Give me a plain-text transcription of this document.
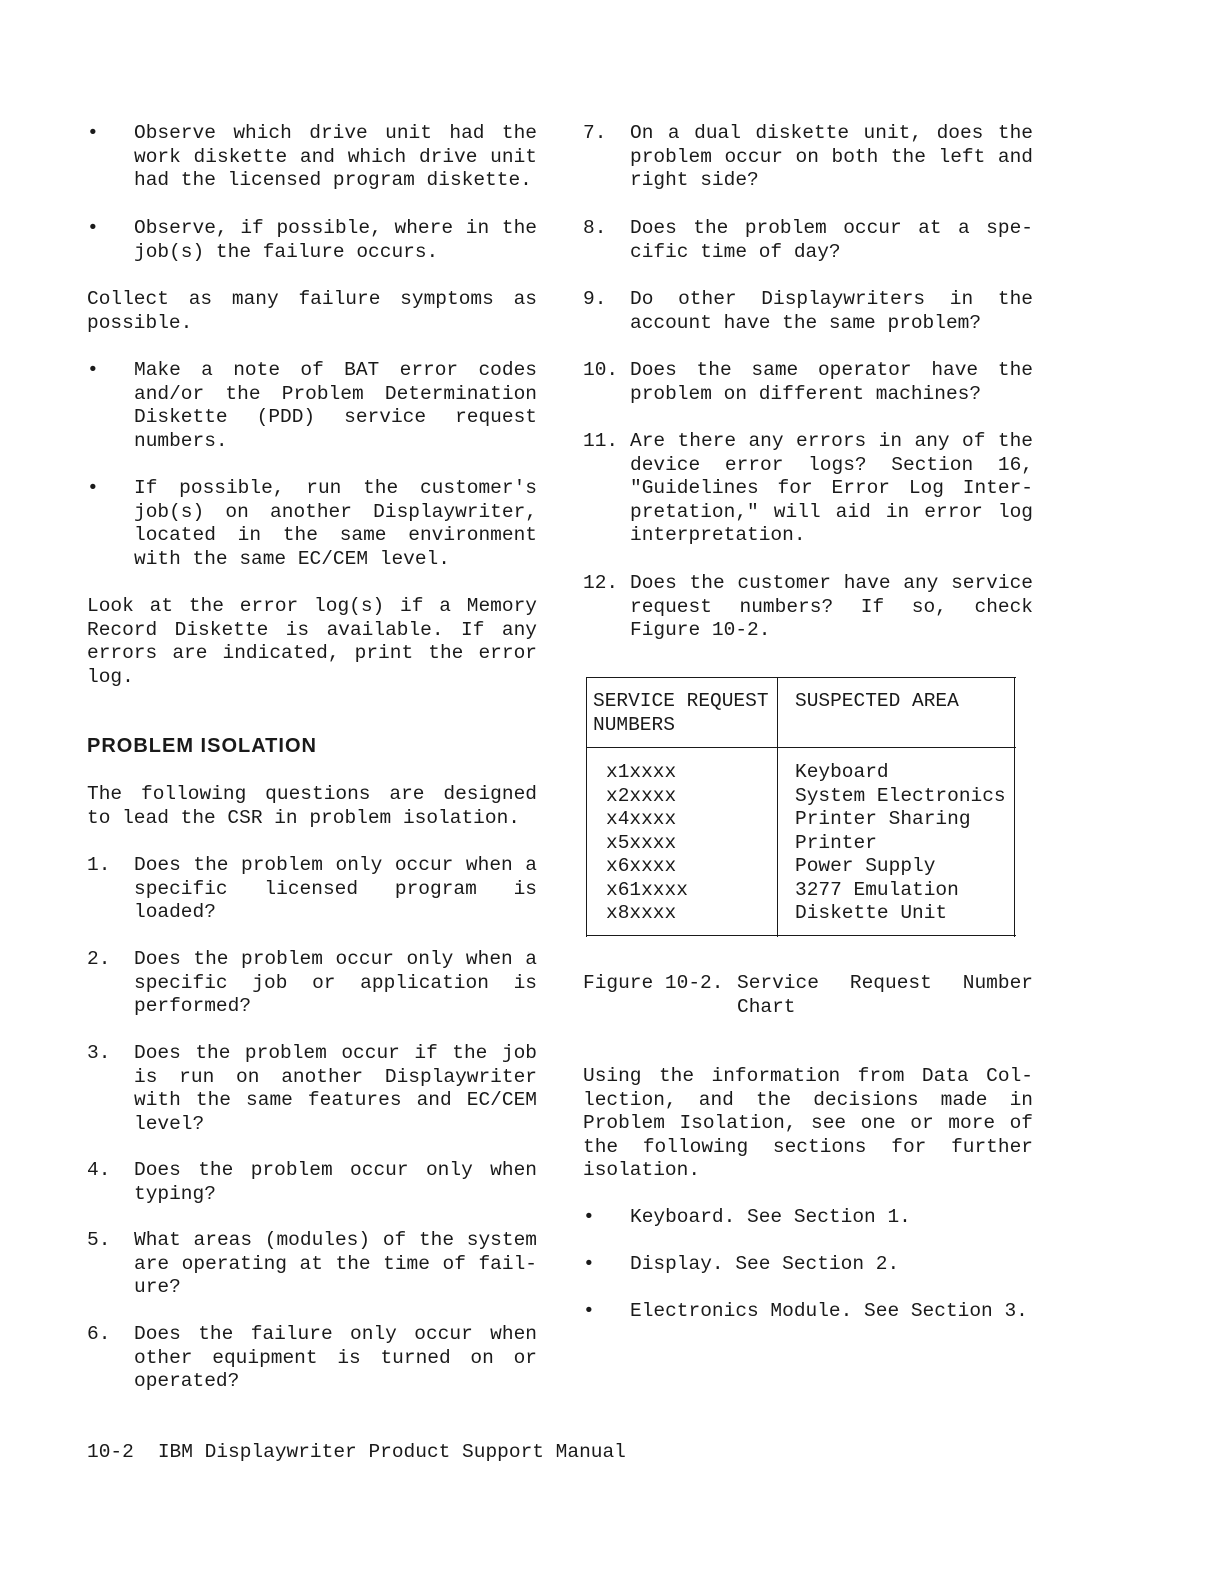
• Observe which drive unit had the work diskette and which drive unit had the licensed program diskette.
• Observe, if possible, where in the job(s) the failure occurs.
Collect as many failure symptoms as possible.
• Make a note of BAT error codes and/or the Problem Determination Diskette (PDD) service request numbers.
• If possible, run the customer's job(s) on another Displaywriter, located in the same environment with the same EC/CEM level.
Look at the error log(s) if a Memory Record Diskette is available. If any errors are indicated, print the error log.
PROBLEM ISOLATION
The following questions are designed to lead the CSR in problem isolation.
1. Does the problem only occur when a specific licensed program is loaded?
2. Does the problem occur only when a specific job or application is performed?
3. Does the problem occur if the job is run on another Displaywriter with the same features and EC/CEM level?
4. Does the problem occur only when typing?
5. What areas (modules) of the system are operating at the time of fail-ure?
6. Does the failure only occur when other equipment is turned on or operated?
7. On a dual diskette unit, does the problem occur on both the left and right side?
8. Does the problem occur at a spe-cific time of day?
9. Do other Displaywriters in the account have the same problem?
10. Does the same operator have the problem on different machines?
11. Are there any errors in any of the device error logs? Section 16, "Guidelines for Error Log Inter-pretation," will aid in error log interpretation.
12. Does the customer have any service request numbers? If so, check Figure 10-2.
Using the information from Data Col-lection, and the decisions made in Problem Isolation, see one or more of the following sections for further isolation.
• Keyboard. See Section 1.
• Display. See Section 2.
• Electronics Module. See Section 3.
SERVICE REQUEST NUMBERS
SUSPECTED AREA
x1xxxx
x2xxxx
x4xxxx
x5xxxx
x6xxxx
x61xxxx
x8xxxx
Keyboard
System Electronics
Printer Sharing
Printer
Power Supply
3277 Emulation
Diskette Unit
Figure 10-2. Service Request Number Chart
10-2 IBM Displaywriter Product Support Manual
